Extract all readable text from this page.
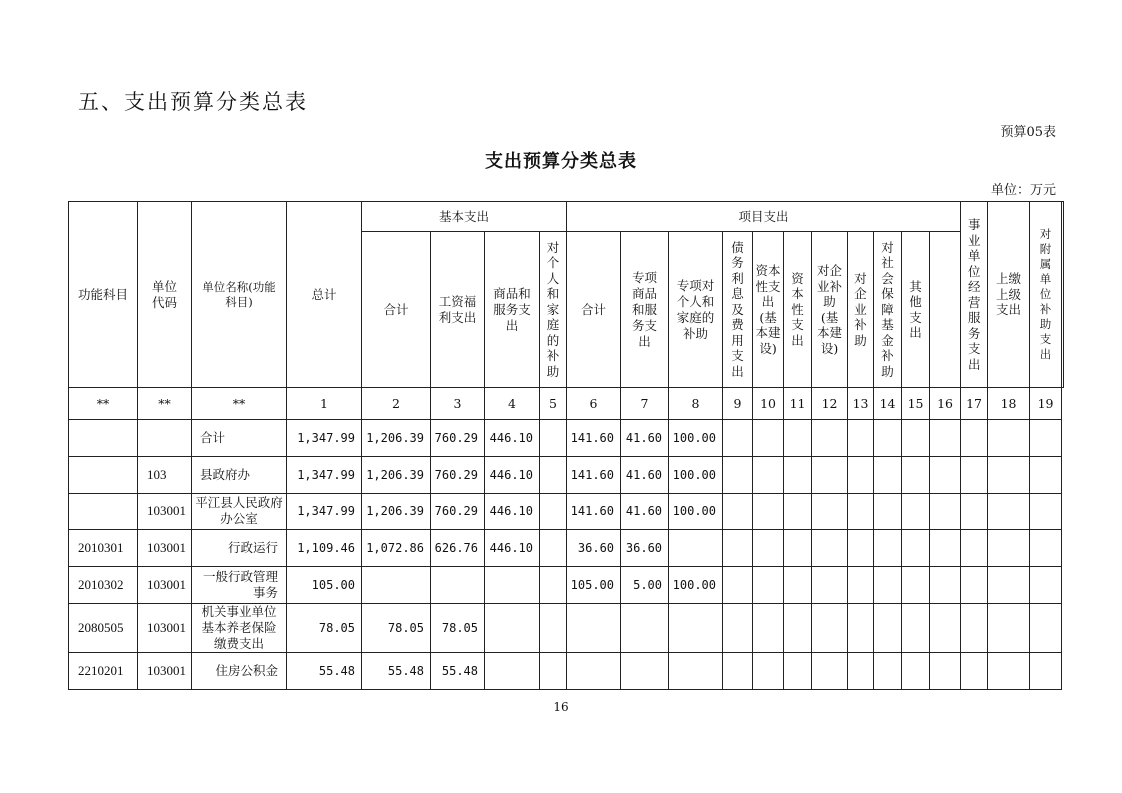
五、支出预算分类总表
预算05表
支出预算分类总表
单位：万元
功能科目	单位代码	单位名称(功能科目)	总计	基本支出				项目支出											事业单位经营服务支出	上缴上级支出	对附属单位补助支出	
				合计	工资福利支出	商品和服务支出	对个人和家庭的补助	合计	专项商品和服务支出	专项对个人和家庭的补助	债务利息及费用支出	资本性支出(基本建设)	资本性支出	对企业补助(基本建设)	对企业补助	对社会保障基金补助	其他支出					
**	**	**	1	2	3	4	5	6	7	8	9	10	11	12	13	14	15	16	17	18	19	
		合计	1,347.99	1,206.39	760.29	446.10		141.60	41.60	100.00												
	103	县政府办	1,347.99	1,206.39	760.29	446.10		141.60	41.60	100.00												
	103001	平江县人民政府办公室	1,347.99	1,206.39	760.29	446.10		141.60	41.60	100.00												
2010301	103001	行政运行	1,109.46	1,072.86	626.76	446.10		36.60	36.60													
2010302	103001	一般行政管理事务	105.00					105.00	5.00	100.00												
2080505	103001	机关事业单位基本养老保险缴费支出	78.05	78.05	78.05																	
2210201	103001	住房公积金	55.48	55.48	55.48																	
16
